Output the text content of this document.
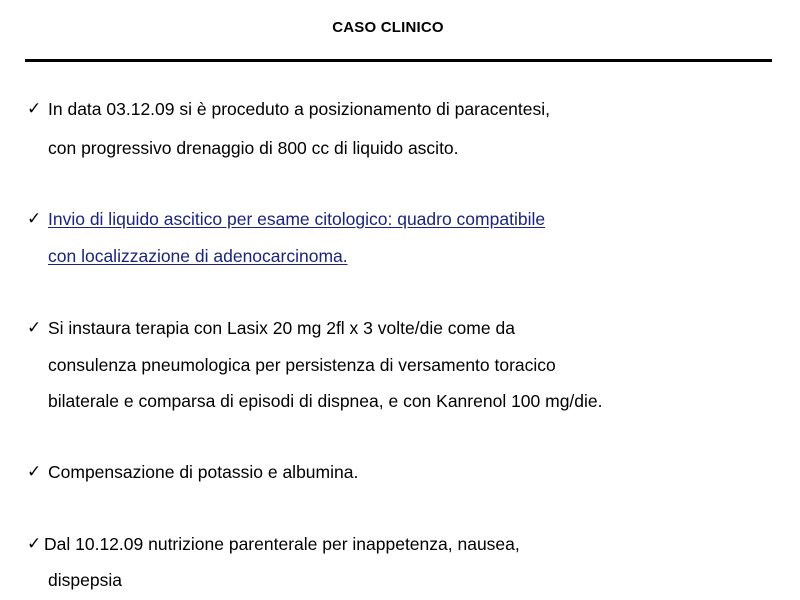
CASO CLINICO
✓ In data 03.12.09 si è proceduto a posizionamento di paracentesi,
con progressivo drenaggio di 800 cc di liquido ascito.
✓ Invio di liquido ascitico per esame citologico: quadro compatibile
con localizzazione di adenocarcinoma.
✓ Si instaura terapia con Lasix 20 mg 2fl x 3 volte/die come da
consulenza pneumologica per persistenza di versamento toracico
bilaterale e comparsa di episodi di dispnea, e con Kanrenol 100 mg/die.
✓ Compensazione di potassio e albumina.
✓ Dal 10.12.09 nutrizione parenterale per inappetenza, nausea,
dispepsia
